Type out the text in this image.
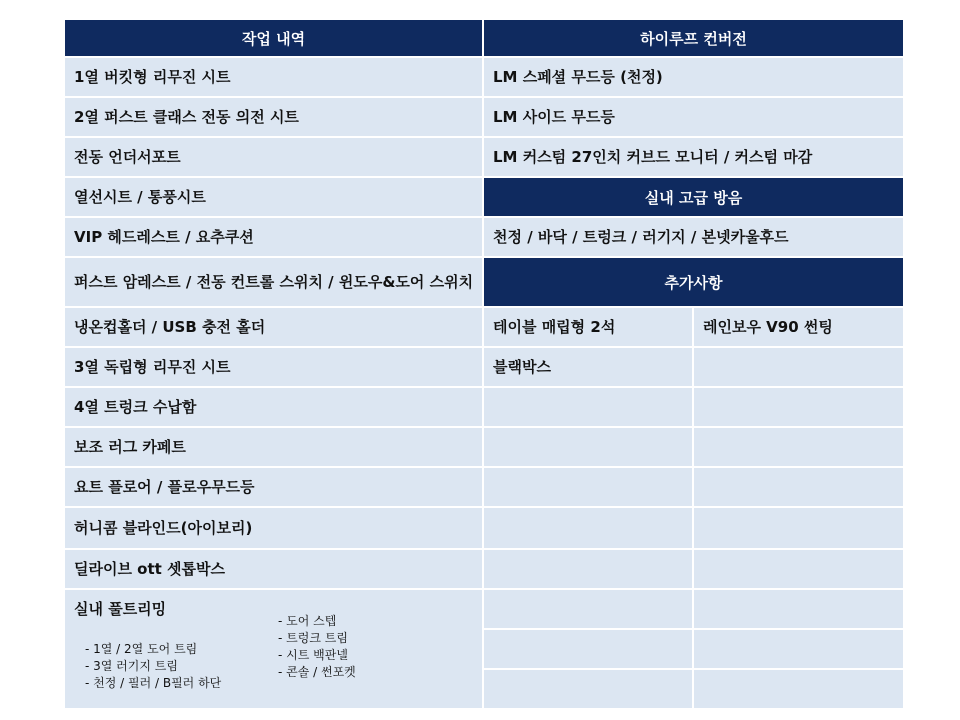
작업 내역	하이루프 컨버전
1열 버킷형 리무진 시트
2열 퍼스트 클래스 전동 의전 시트
전동 언더서포트
열선시트 / 통풍시트
VIP 헤드레스트 / 요추쿠션
퍼스트 암레스트 / 전동 컨트롤 스위치 / 윈도우&도어 스위치
냉온컵홀더 / USB 충전 홀더
3열 독립형 리무진 시트
4열 트렁크 수납함
보조 러그 카페트
요트 플로어 / 플로우무드등
허니콤 블라인드(아이보리)
딜라이브 ott 셋톱박스
실내 풀트리밍
- 1열 / 2열 도어 트림
- 3열 러기지 트림
- 천정 / 필러 / B필러 하단
- 도어 스텝
- 트렁크 트림
- 시트 백판넬
- 콘솔 / 썬포켓
LM 스페셜 무드등 (천정)
LM 사이드 무드등
LM 커스텀 27인치 커브드 모니터 / 커스텀 마감
실내 고급 방음
천정 / 바닥 / 트렁크 / 러기지 / 본넷카울후드
추가사항
테이블 매립형 2석	레인보우 V90 썬팅
블랙박스
